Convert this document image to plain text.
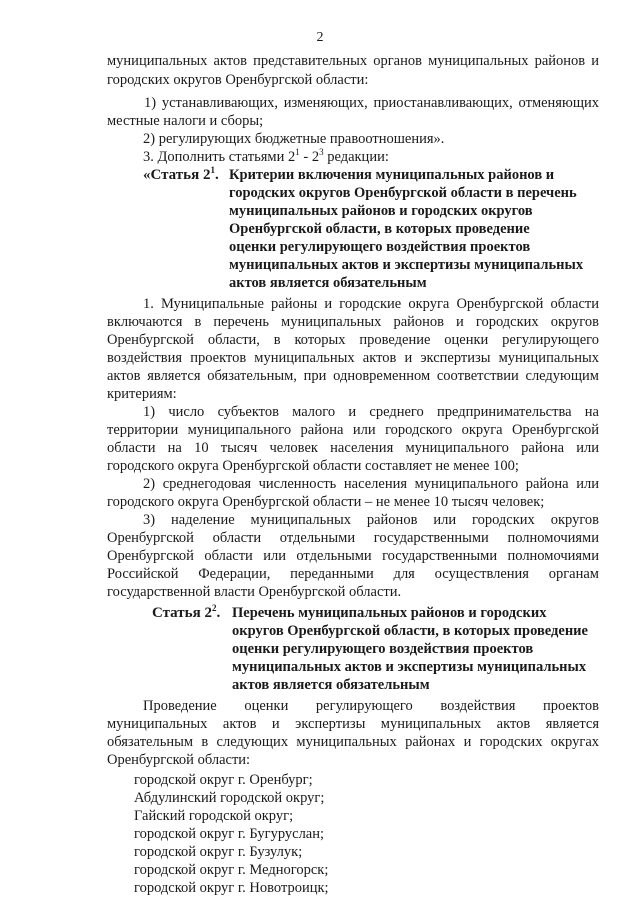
2
муниципальных актов представительных органов муниципальных районов и
городских округов Оренбургской области:
1) устанавливающих, изменяющих, приостанавливающих, отменяющих
местные налоги и сборы;
2) регулирующих бюджетные правоотношения».
3. Дополнить статьями $2^1 - 2^3$ редакции:
«Статья $2^1$. Критерии включения муниципальных районов и
городских округов Оренбургской области в перечень
муниципальных районов и городских округов
Оренбургской области, в которых проведение
оценки регулирующего воздействия проектов
муниципальных актов и экспертизы муниципальных
актов является обязательным
1. Муниципальные районы и городские округа Оренбургской области
включаются в перечень муниципальных районов и городских округов
Оренбургской области, в которых проведение оценки регулирующего
воздействия проектов муниципальных актов и экспертизы муниципальных
актов является обязательным, при одновременном соответствии следующим
критериям:
1) число субъектов малого и среднего предпринимательства на
территории муниципального района или городского округа Оренбургской
области на 10 тысяч человек населения муниципального района или
городского округа Оренбургской области составляет не менее 100;
2) среднегодовая численность населения муниципального района или
городского округа Оренбургской области – не менее 10 тысяч человек;
3) наделение муниципальных районов или городских округов
Оренбургской области отдельными государственными полномочиями
Оренбургской области или отдельными государственными полномочиями
Российской Федерации, переданными для осуществления органам
государственной власти Оренбургской области.
Статья $2^2$. Перечень муниципальных районов и городских
округов Оренбургской области, в которых проведение
оценки регулирующего воздействия проектов
муниципальных актов и экспертизы муниципальных
актов является обязательным
Проведение оценки регулирующего воздействия проектов
муниципальных актов и экспертизы муниципальных актов является
обязательным в следующих муниципальных районах и городских округах
Оренбургской области:
городской округ г. Оренбург;
Абдулинский городской округ;
Гайский городской округ;
городской округ г. Бугуруслан;
городской округ г. Бузулук;
городской округ г. Медногорск;
городской округ г. Новотроицк;
